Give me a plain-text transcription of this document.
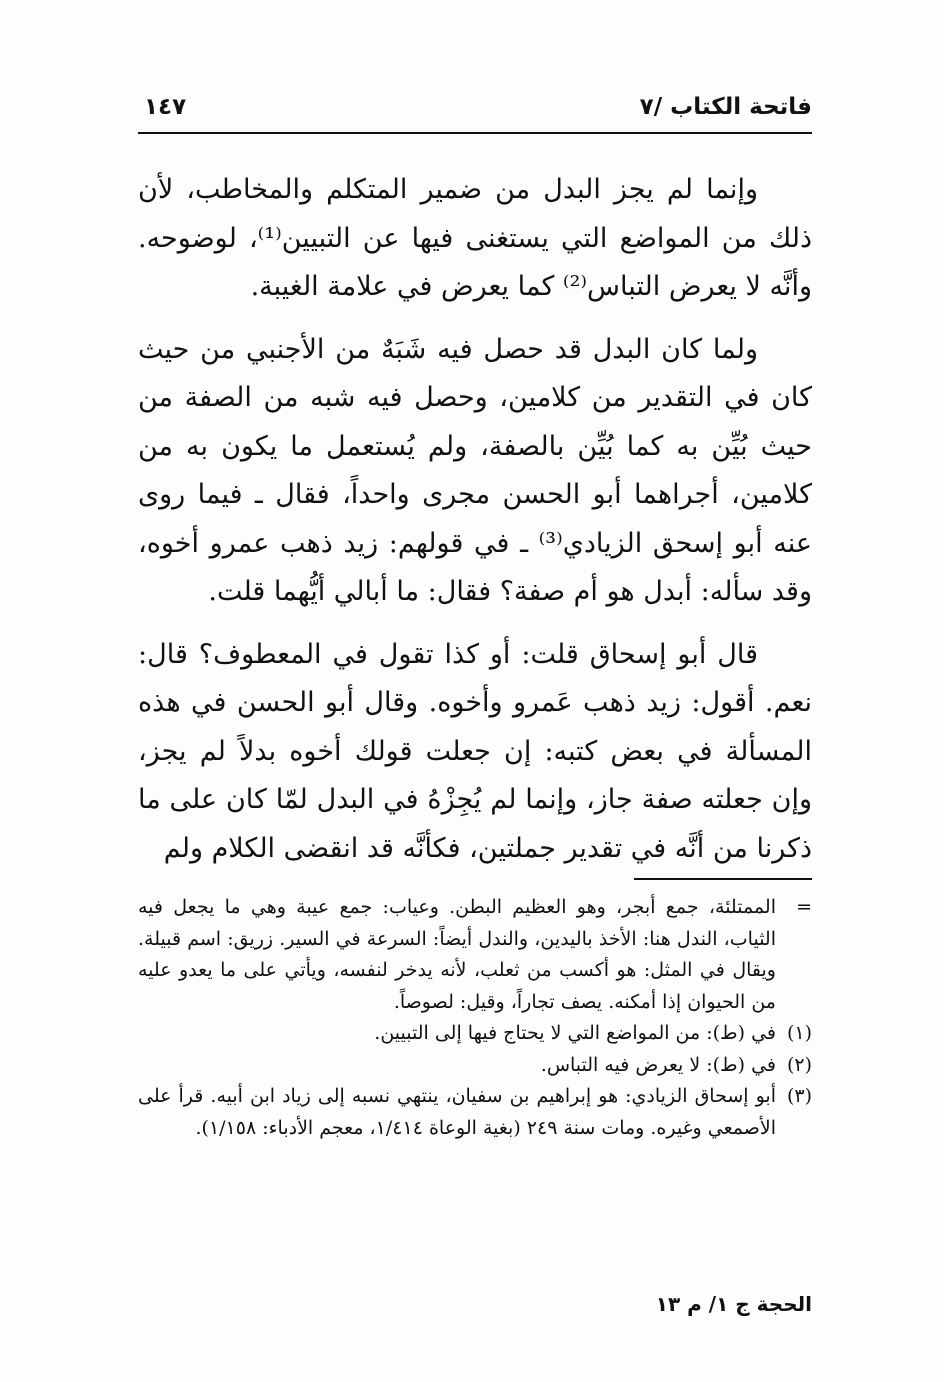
فاتحة الكتاب /٧
١٤٧

وإنما لم يجز البدل من ضمير المتكلم والمخاطب، لأن ذلك من المواضع التي يستغنى فيها عن التبيين⁽¹⁾، لوضوحه. وأنَّه لا يعرض التباس⁽²⁾ كما يعرض في علامة الغيبة.

ولما كان البدل قد حصل فيه شَبَهٌ من الأجنبي من حيث كان في التقدير من كلامين، وحصل فيه شبه من الصفة من حيث بُيِّن به كما بُيِّن بالصفة، ولم يُستعمل ما يكون به من كلامين، أجراهما أبو الحسن مجرى واحداً، فقال ـ فيما روى عنه أبو إسحق الزيادي⁽³⁾ ـ في قولهم: زيد ذهب عمرو أخوه، وقد سأله: أبدل هو أم صفة؟ فقال: ما أبالي أيُّهما قلت.

قال أبو إسحاق قلت: أو كذا تقول في المعطوف؟ قال: نعم. أقول: زيد ذهب عَمرو وأخوه. وقال أبو الحسن في هذه المسألة في بعض كتبه: إن جعلت قولك أخوه بدلاً لم يجز، وإن جعلته صفة جاز، وإنما لم يُجِزْهُ في البدل لمّا كان على ما ذكرنا من أنَّه في تقدير جملتين، فكأنَّه قد انقضى الكلام ولم

=
الممتلئة، جمع أبجر، وهو العظيم البطن. وعياب: جمع عيبة وهي ما يجعل فيه الثياب، الندل هنا: الأخذ باليدين، والندل أيضاً: السرعة في السير. زريق: اسم قبيلة. ويقال في المثل: هو أكسب من ثعلب، لأنه يدخر لنفسه، ويأتي على ما يعدو عليه من الحيوان إذا أمكنه. يصف تجاراً، وقيل: لصوصاً.
(١)
في (ط): من المواضع التي لا يحتاج فيها إلى التبيين.
(٢)
في (ط): لا يعرض فيه التباس.
(٣)
أبو إسحاق الزيادي: هو إبراهيم بن سفيان، ينتهي نسبه إلى زياد ابن أبيه. قرأ على الأصمعي وغيره. ومات سنة ٢٤٩ (بغية الوعاة ١/٤١٤، معجم الأدباء: ١/١٥٨).
الحجة ج ١/ م ١٣
